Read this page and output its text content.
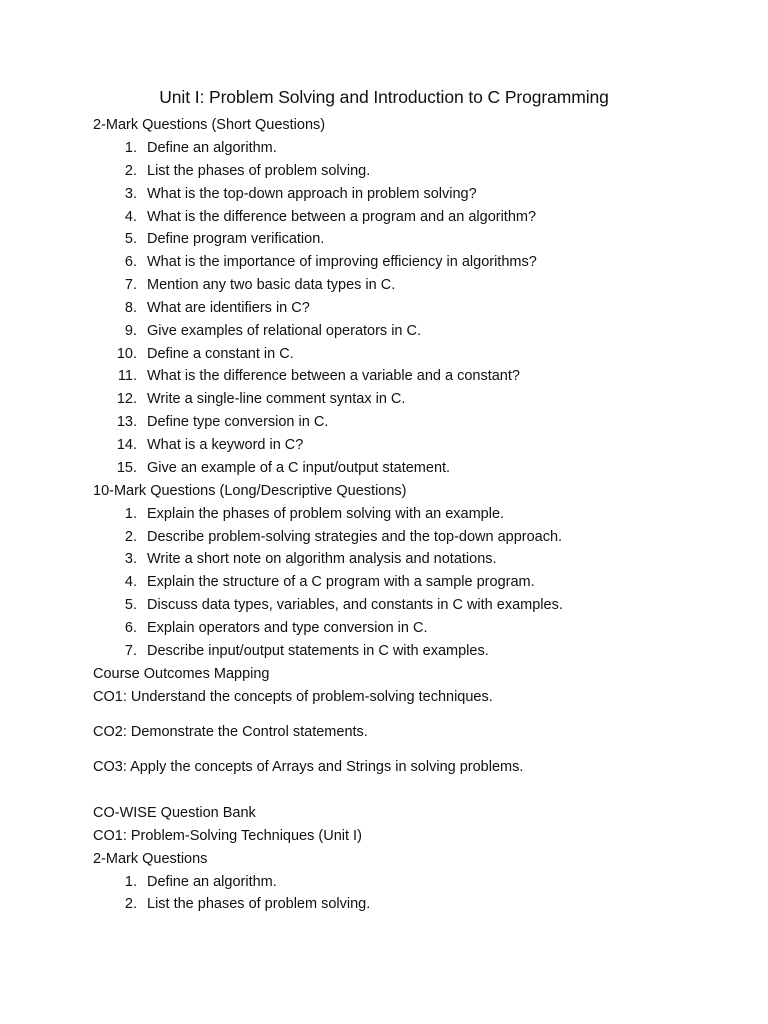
Unit I: Problem Solving and Introduction to C Programming
2-Mark Questions (Short Questions)
1. Define an algorithm.
2. List the phases of problem solving.
3. What is the top-down approach in problem solving?
4. What is the difference between a program and an algorithm?
5. Define program verification.
6. What is the importance of improving efficiency in algorithms?
7. Mention any two basic data types in C.
8. What are identifiers in C?
9. Give examples of relational operators in C.
10. Define a constant in C.
11. What is the difference between a variable and a constant?
12. Write a single-line comment syntax in C.
13. Define type conversion in C.
14. What is a keyword in C?
15. Give an example of a C input/output statement.
10-Mark Questions (Long/Descriptive Questions)
1. Explain the phases of problem solving with an example.
2. Describe problem-solving strategies and the top-down approach.
3. Write a short note on algorithm analysis and notations.
4. Explain the structure of a C program with a sample program.
5. Discuss data types, variables, and constants in C with examples.
6. Explain operators and type conversion in C.
7. Describe input/output statements in C with examples.
Course Outcomes Mapping
CO1: Understand the concepts of problem-solving techniques.
CO2: Demonstrate the Control statements.
CO3: Apply the concepts of Arrays and Strings in solving problems.
CO-WISE Question Bank
CO1: Problem-Solving Techniques (Unit I)
2-Mark Questions
1. Define an algorithm.
2. List the phases of problem solving.
